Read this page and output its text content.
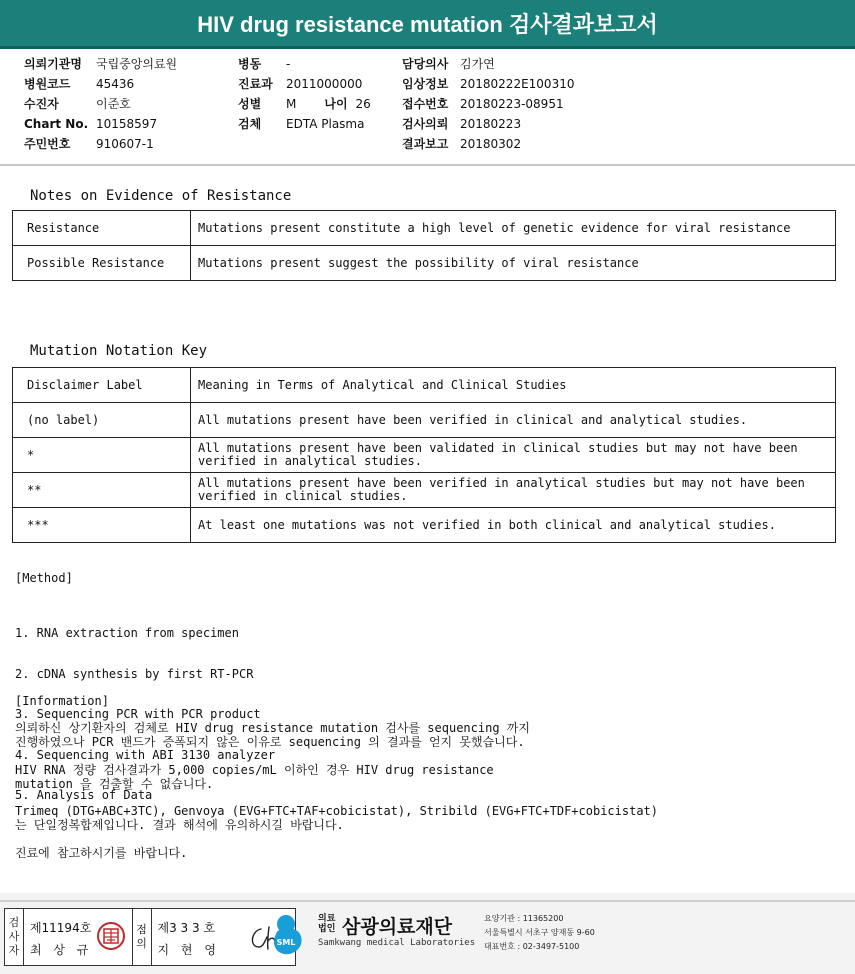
HIV drug resistance mutation 검사결과보고서
의뢰기관명	국립중앙의료원
병원코드	45436
수진자	이준호
Chart No. 10158597
주민번호	910607-1
병동	-
진료과	2011000000
성별	M 나이 26
검체	EDTA Plasma
담당의사 김가연
임상정보 20180222E100310
접수번호 20180223-08951
검사의뢰 20180223
결과보고 20180302
Notes on Evidence of Resistance
Resistance	Mutations present constitute a high level of genetic evidence for viral resistance
Possible Resistance	Mutations present suggest the possibility of viral resistance
Mutation Notation Key
Disclaimer Label	Meaning in Terms of Analytical and Clinical Studies
(no label)	All mutations present have been verified in clinical and analytical studies.
*	All mutations present have been validated in clinical studies but may not have been verified in analytical studies.
**	All mutations present have been verified in analytical studies but may not have been verified in clinical studies.
***	At least one mutations was not verified in both clinical and analytical studies.
[Method]

1. RNA extraction from specimen

2. cDNA synthesis by first RT-PCR

3. Sequencing PCR with PCR product

4. Sequencing with ABI 3130 analyzer

5. Analysis of Data

[Information]
의뢰하신 상기환자의 검체로 HIV drug resistance mutation 검사를 sequencing 까지
진행하였으나 PCR 밴드가 증폭되지 않은 이유로 sequencing 의 결과를 얻지 못했습니다.
HIV RNA 정량 검사결과가 5,000 copies/mL 이하인 경우 HIV drug resistance
mutation 을 검출할 수 없습니다.
Trimeq (DTG+ABC+3TC), Genvoya (EVG+FTC+TAF+cobicistat), Stribild (EVG+FTC+TDF+cobicistat)
는 단일정복합제입니다. 결과 해석에 유의하시길 바랍니다.
진료에 참고하시기를 바랍니다.
검
사
자
제11194호
최 상 규
점
의
제3 3 3 호
지 현 영
SML
의료
법인 삼광의료재단
Samkwang medical Laboratories
요양기관 : 11365200
서울특별시 서초구 양재동 9-60
대표번호 : 02-3497-5100
